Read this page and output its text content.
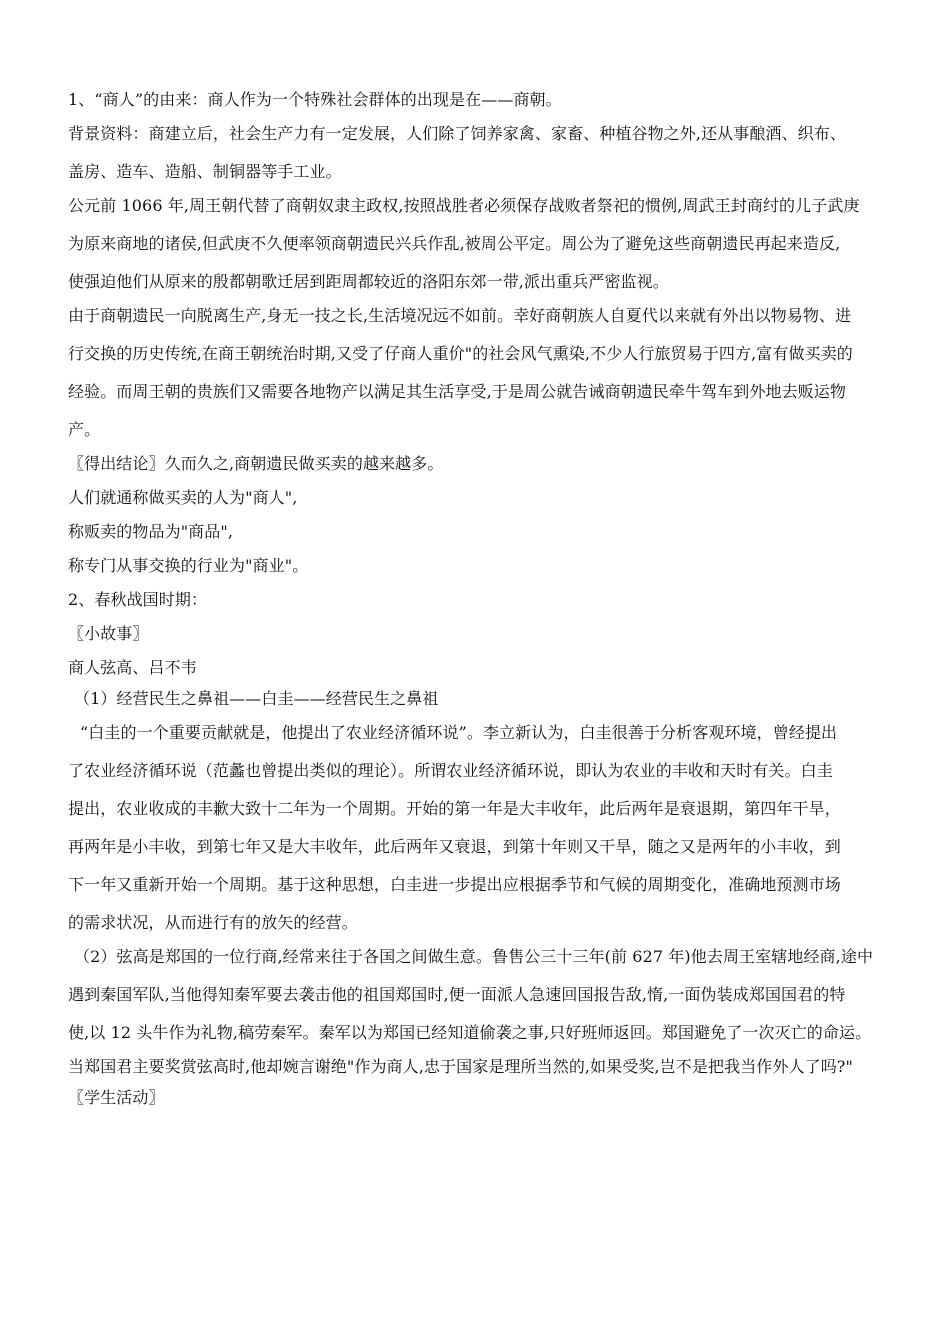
1、“商人”的由来：商人作为一个特殊社会群体的出现是在——商朝。

背景资料：商建立后，社会生产力有一定发展，人们除了饲养家禽、家畜、种植谷物之外,还从事酿酒、织布、

盖房、造车、造船、制铜器等手工业。

公元前 1066 年,周王朝代替了商朝奴隶主政权,按照战胜者必须保存战败者祭祀的惯例,周武王封商纣的儿子武庚

为原来商地的诸侯,但武庚不久便率领商朝遗民兴兵作乱,被周公平定。周公为了避免这些商朝遗民再起来造反,

使强迫他们从原来的殷都朝歌迁居到距周都较近的洛阳东郊一带,派出重兵严密监视。

由于商朝遗民一向脱离生产,身无一技之长,生活境况远不如前。幸好商朝族人自夏代以来就有外出以物易物、进

行交换的历史传统,在商王朝统治时期,又受了仔商人重价"的社会风气熏染,不少人行旅贸易于四方,富有做买卖的

经验。而周王朝的贵族们又需要各地物产以满足其生活享受,于是周公就告诫商朝遗民牵牛驾车到外地去贩运物

产。

〖得出结论〗久而久之,商朝遗民做买卖的越来越多。

人们就通称做买卖的人为"商人",

称贩卖的物品为"商品",

称专门从事交换的行业为"商业"。

2、春秋战国时期：

〖小故事〗

商人弦高、吕不韦

（1）经营民生之鼻祖——白圭——经营民生之鼻祖

“白圭的一个重要贡献就是，他提出了农业经济循环说”。李立新认为，白圭很善于分析客观环境，曾经提出

了农业经济循环说（范蠡也曾提出类似的理论）。所谓农业经济循环说，即认为农业的丰收和天时有关。白圭

提出，农业收成的丰歉大致十二年为一个周期。开始的第一年是大丰收年，此后两年是衰退期，第四年干旱，

再两年是小丰收，到第七年又是大丰收年，此后两年又衰退，到第十年则又干旱，随之又是两年的小丰收，到

下一年又重新开始一个周期。基于这种思想，白圭进一步提出应根据季节和气候的周期变化，准确地预测市场

的需求状况，从而进行有的放矢的经营。

（2）弦高是郑国的一位行商,经常来往于各国之间做生意。鲁售公三十三年(前 627 年)他去周王室辖地经商,途中

遇到秦国军队,当他得知秦军要去袭击他的祖国郑国时,便一面派人急速回国报告敌,惰,一面伪装成郑国国君的特

使,以 12 头牛作为礼物,稿劳秦军。秦军以为郑国已经知道偷袭之事,只好班师返回。郑国避免了一次灭亡的命运。

当郑国君主要奖赏弦高时,他却婉言谢绝"作为商人,忠于国家是理所当然的,如果受奖,岂不是把我当作外人了吗?"

〖学生活动〗
